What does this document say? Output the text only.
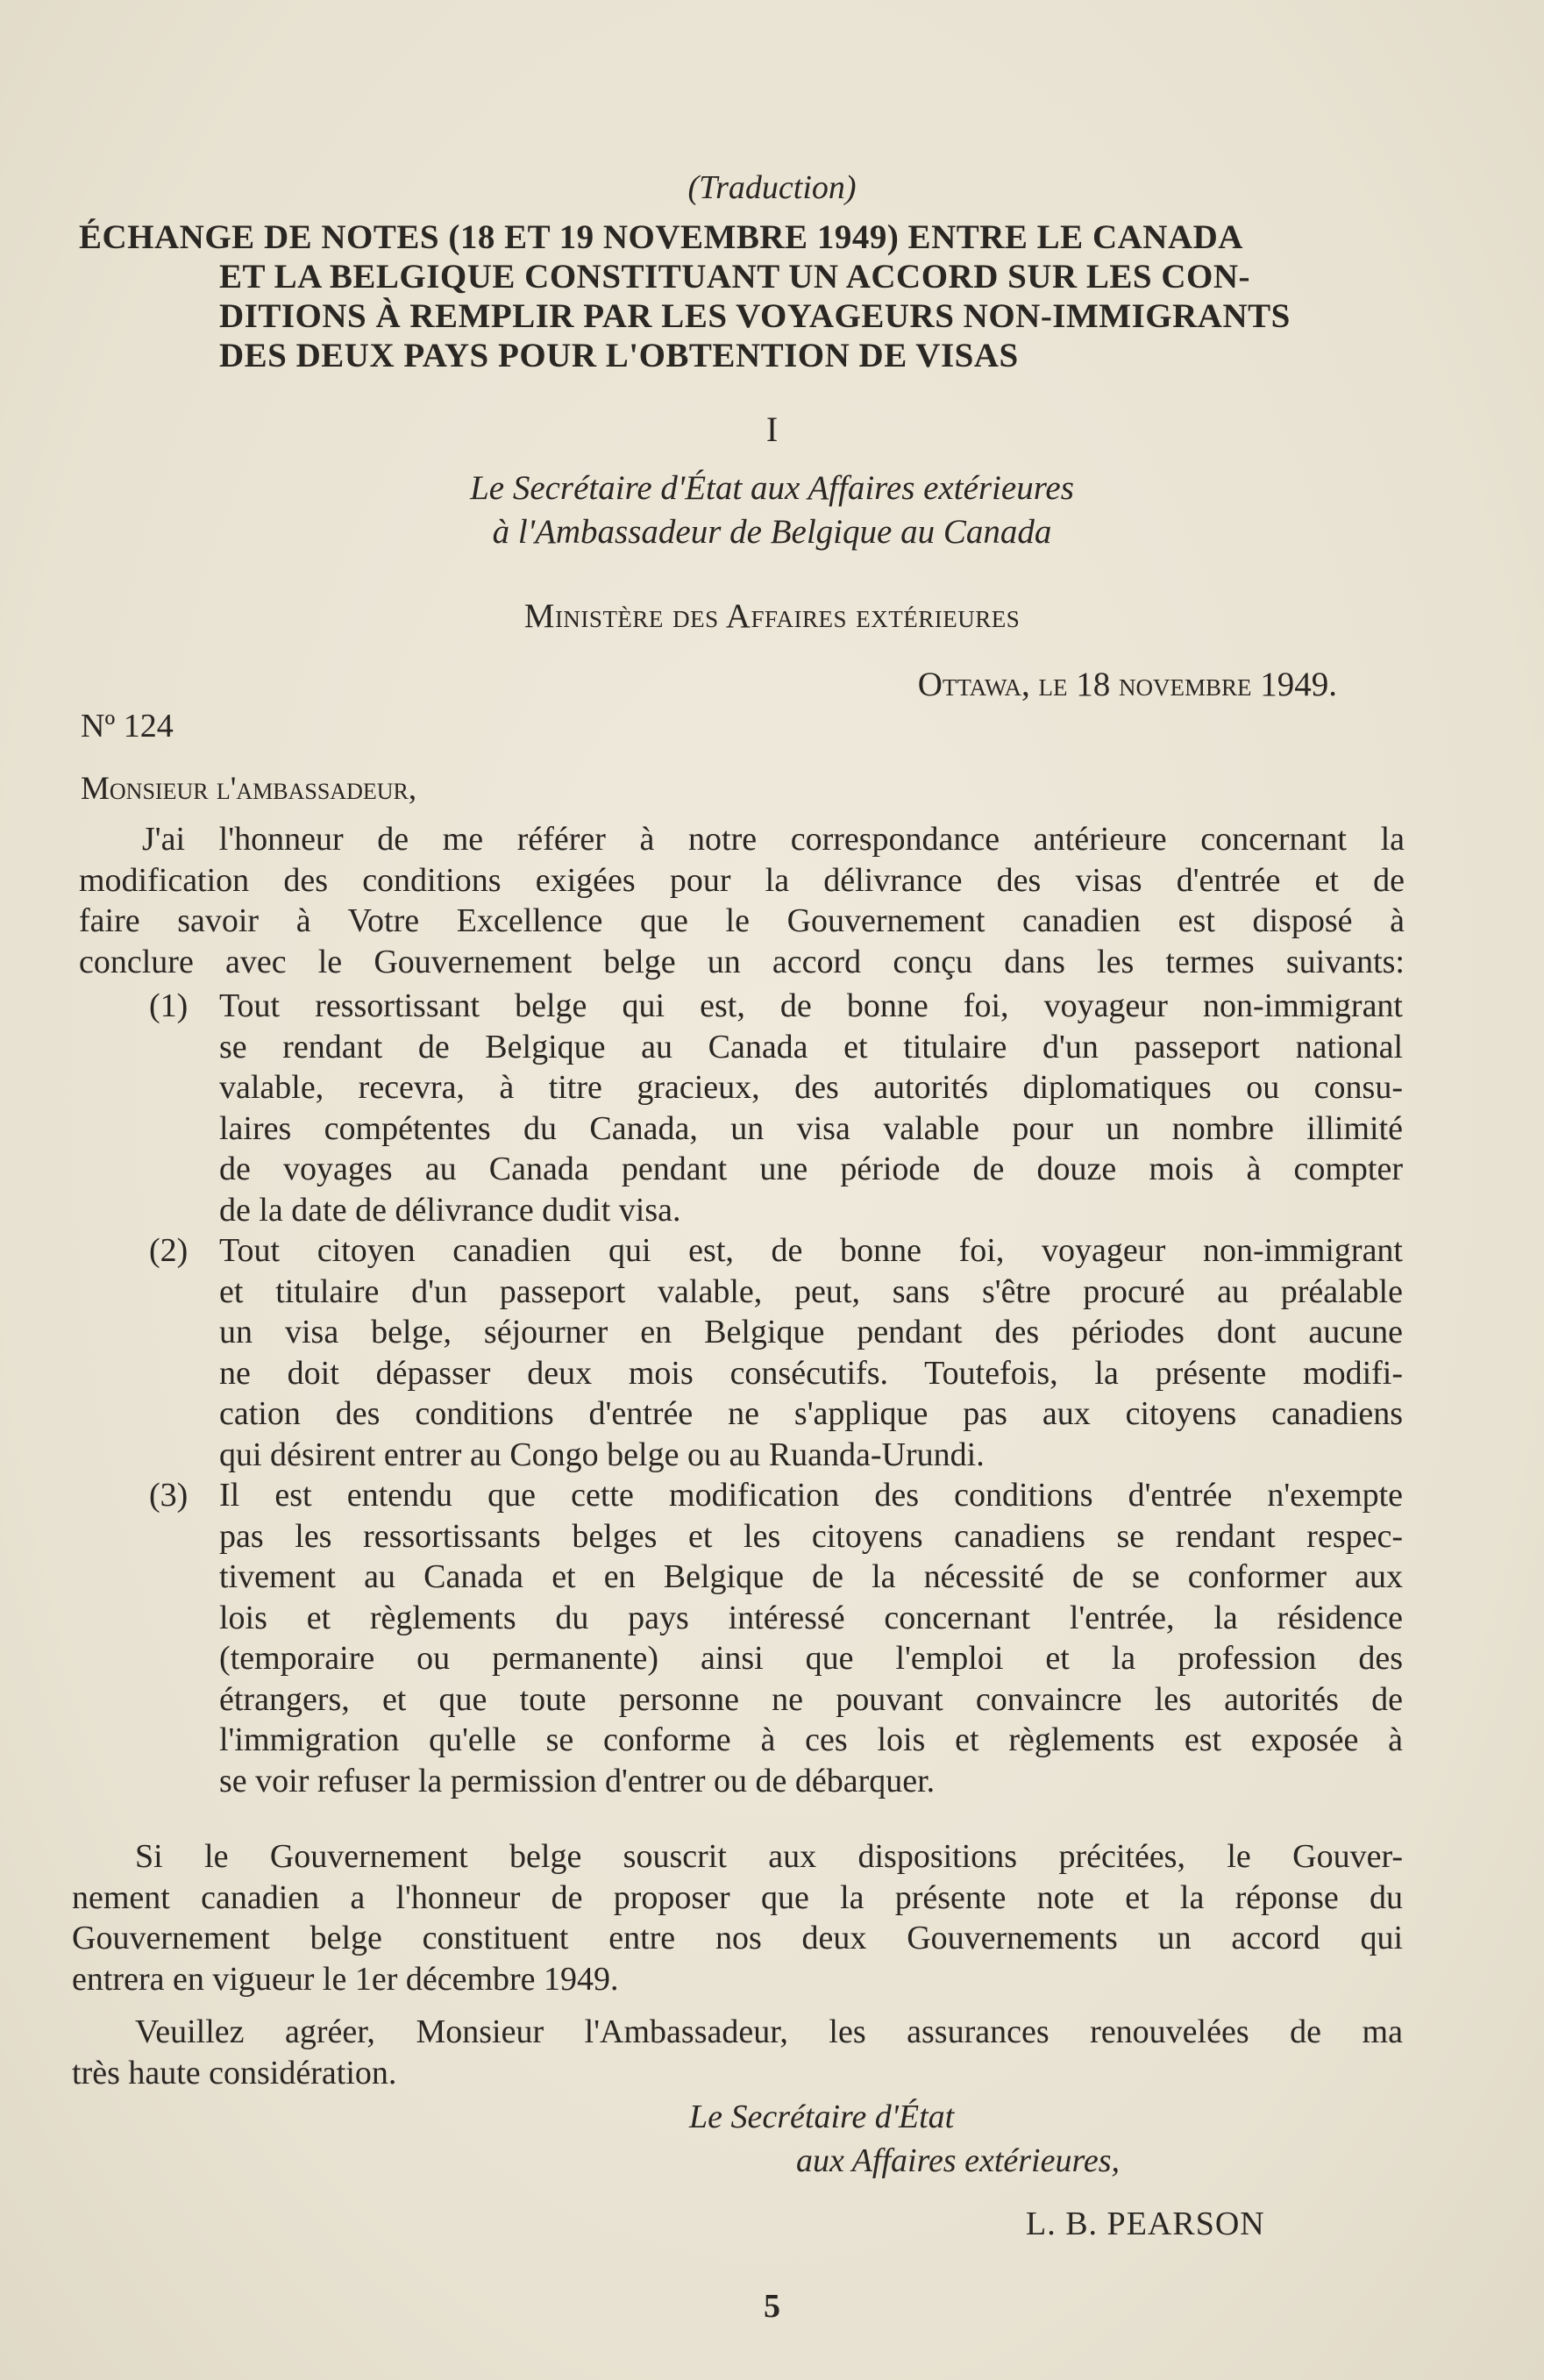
(Traduction)
ÉCHANGE DE NOTES (18 ET 19 NOVEMBRE 1949) ENTRE LE CANADA
ET LA BELGIQUE CONSTITUANT UN ACCORD SUR LES CON-
DITIONS À REMPLIR PAR LES VOYAGEURS NON-IMMIGRANTS
DES DEUX PAYS POUR L'OBTENTION DE VISAS
I
Le Secrétaire d'État aux Affaires extérieures
à l'Ambassadeur de Belgique au Canada
Ministère des Affaires extérieures
Ottawa, le 18 novembre 1949.
Nº 124
Monsieur l'ambassadeur,
J'ai l'honneur de me référer à notre correspondance antérieure concernant la
modification des conditions exigées pour la délivrance des visas d'entrée et de
faire savoir à Votre Excellence que le Gouvernement canadien est disposé à
conclure avec le Gouvernement belge un accord conçu dans les termes suivants:
(1) Tout ressortissant belge qui est, de bonne foi, voyageur non-immigrant
se rendant de Belgique au Canada et titulaire d'un passeport national
valable, recevra, à titre gracieux, des autorités diplomatiques ou consu-
laires compétentes du Canada, un visa valable pour un nombre illimité
de voyages au Canada pendant une période de douze mois à compter
de la date de délivrance dudit visa.
(2) Tout citoyen canadien qui est, de bonne foi, voyageur non-immigrant
et titulaire d'un passeport valable, peut, sans s'être procuré au préalable
un visa belge, séjourner en Belgique pendant des périodes dont aucune
ne doit dépasser deux mois consécutifs. Toutefois, la présente modifi-
cation des conditions d'entrée ne s'applique pas aux citoyens canadiens
qui désirent entrer au Congo belge ou au Ruanda-Urundi.
(3) Il est entendu que cette modification des conditions d'entrée n'exempte
pas les ressortissants belges et les citoyens canadiens se rendant respec-
tivement au Canada et en Belgique de la nécessité de se conformer aux
lois et règlements du pays intéressé concernant l'entrée, la résidence
(temporaire ou permanente) ainsi que l'emploi et la profession des
étrangers, et que toute personne ne pouvant convaincre les autorités de
l'immigration qu'elle se conforme à ces lois et règlements est exposée à
se voir refuser la permission d'entrer ou de débarquer.
Si le Gouvernement belge souscrit aux dispositions précitées, le Gouver-
nement canadien a l'honneur de proposer que la présente note et la réponse du
Gouvernement belge constituent entre nos deux Gouvernements un accord qui
entrera en vigueur le 1er décembre 1949.
Veuillez agréer, Monsieur l'Ambassadeur, les assurances renouvelées de ma
très haute considération.
Le Secrétaire d'État
aux Affaires extérieures,
L. B. PEARSON
5
